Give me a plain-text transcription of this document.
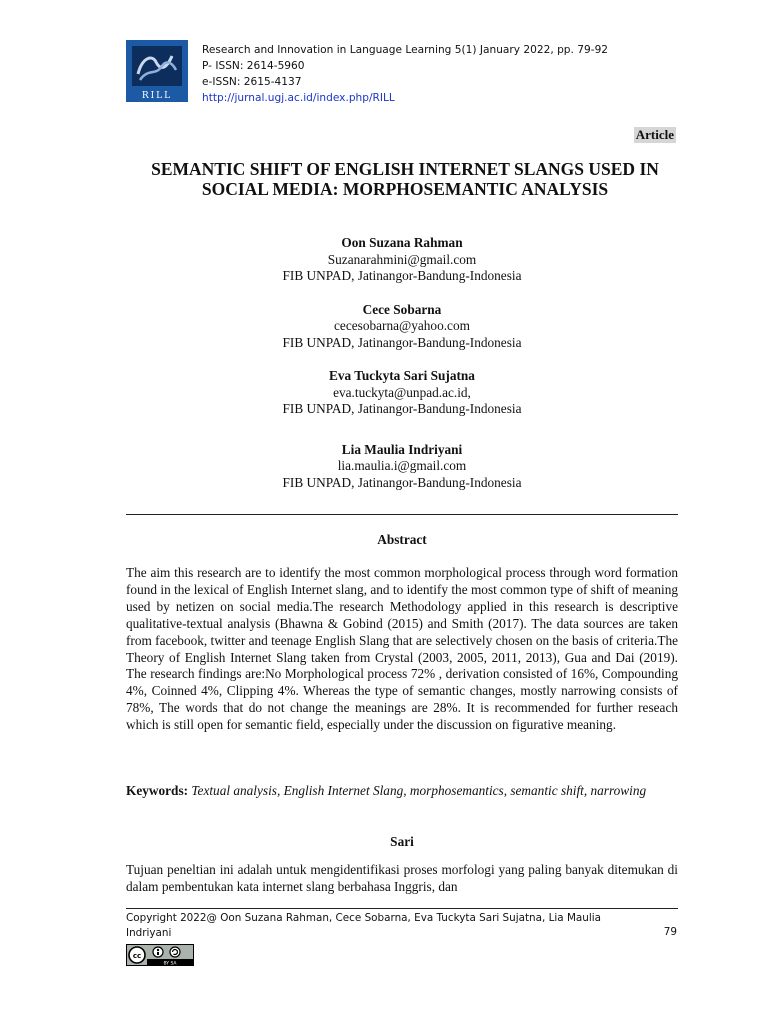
RILL
Research and Innovation in Language Learning 5(1) January 2022, pp. 79-92
P- ISSN: 2614-5960
e-ISSN: 2615-4137
http://jurnal.ugj.ac.id/index.php/RILL
Article
SEMANTIC SHIFT OF ENGLISH INTERNET SLANGS USED IN
SOCIAL MEDIA: MORPHOSEMANTIC ANALYSIS
Oon Suzana Rahman
Suzanarahmini@gmail.com
FIB UNPAD, Jatinangor-Bandung-Indonesia
Cece Sobarna
cecesobarna@yahoo.com
FIB UNPAD, Jatinangor-Bandung-Indonesia
Eva Tuckyta Sari Sujatna
eva.tuckyta@unpad.ac.id,
FIB UNPAD, Jatinangor-Bandung-Indonesia
Lia Maulia Indriyani
lia.maulia.i@gmail.com
FIB UNPAD, Jatinangor-Bandung-Indonesia
Abstract
The aim this research are to identify the most common morphological process through word formation found in the lexical of English Internet slang, and to identify the most common type of shift of meaning used by netizen on social media.The research Methodology applied in this research is descriptive qualitative-textual analysis (Bhawna & Gobind (2015) and Smith (2017). The data sources are taken from facebook, twitter and teenage English Slang that are selectively chosen on the basis of criteria.The Theory of English Internet Slang taken from Crystal (2003, 2005, 2011, 2013), Gua and Dai (2019). The research findings are:No Morphological process 72% , derivation consisted of 16%, Compounding 4%, Coinned 4%, Clipping 4%. Whereas the type of semantic changes, mostly narrowing consists of 78%, The words that do not change the meanings are 28%. It is recommended for further reseach which is still open for semantic field, especially under the discussion on figurative meaning.
Keywords: Textual analysis, English Internet Slang, morphosemantics, semantic shift, narrowing
Sari
Tujuan peneltian ini adalah untuk mengidentifikasi proses morfologi yang paling banyak ditemukan di dalam pembentukan kata internet slang berbahasa Inggris, dan
Copyright 2022@ Oon Suzana Rahman, Cece Sobarna, Eva Tuckyta Sari Sujatna, Lia Maulia Indriyani	79
cc
BY SA
